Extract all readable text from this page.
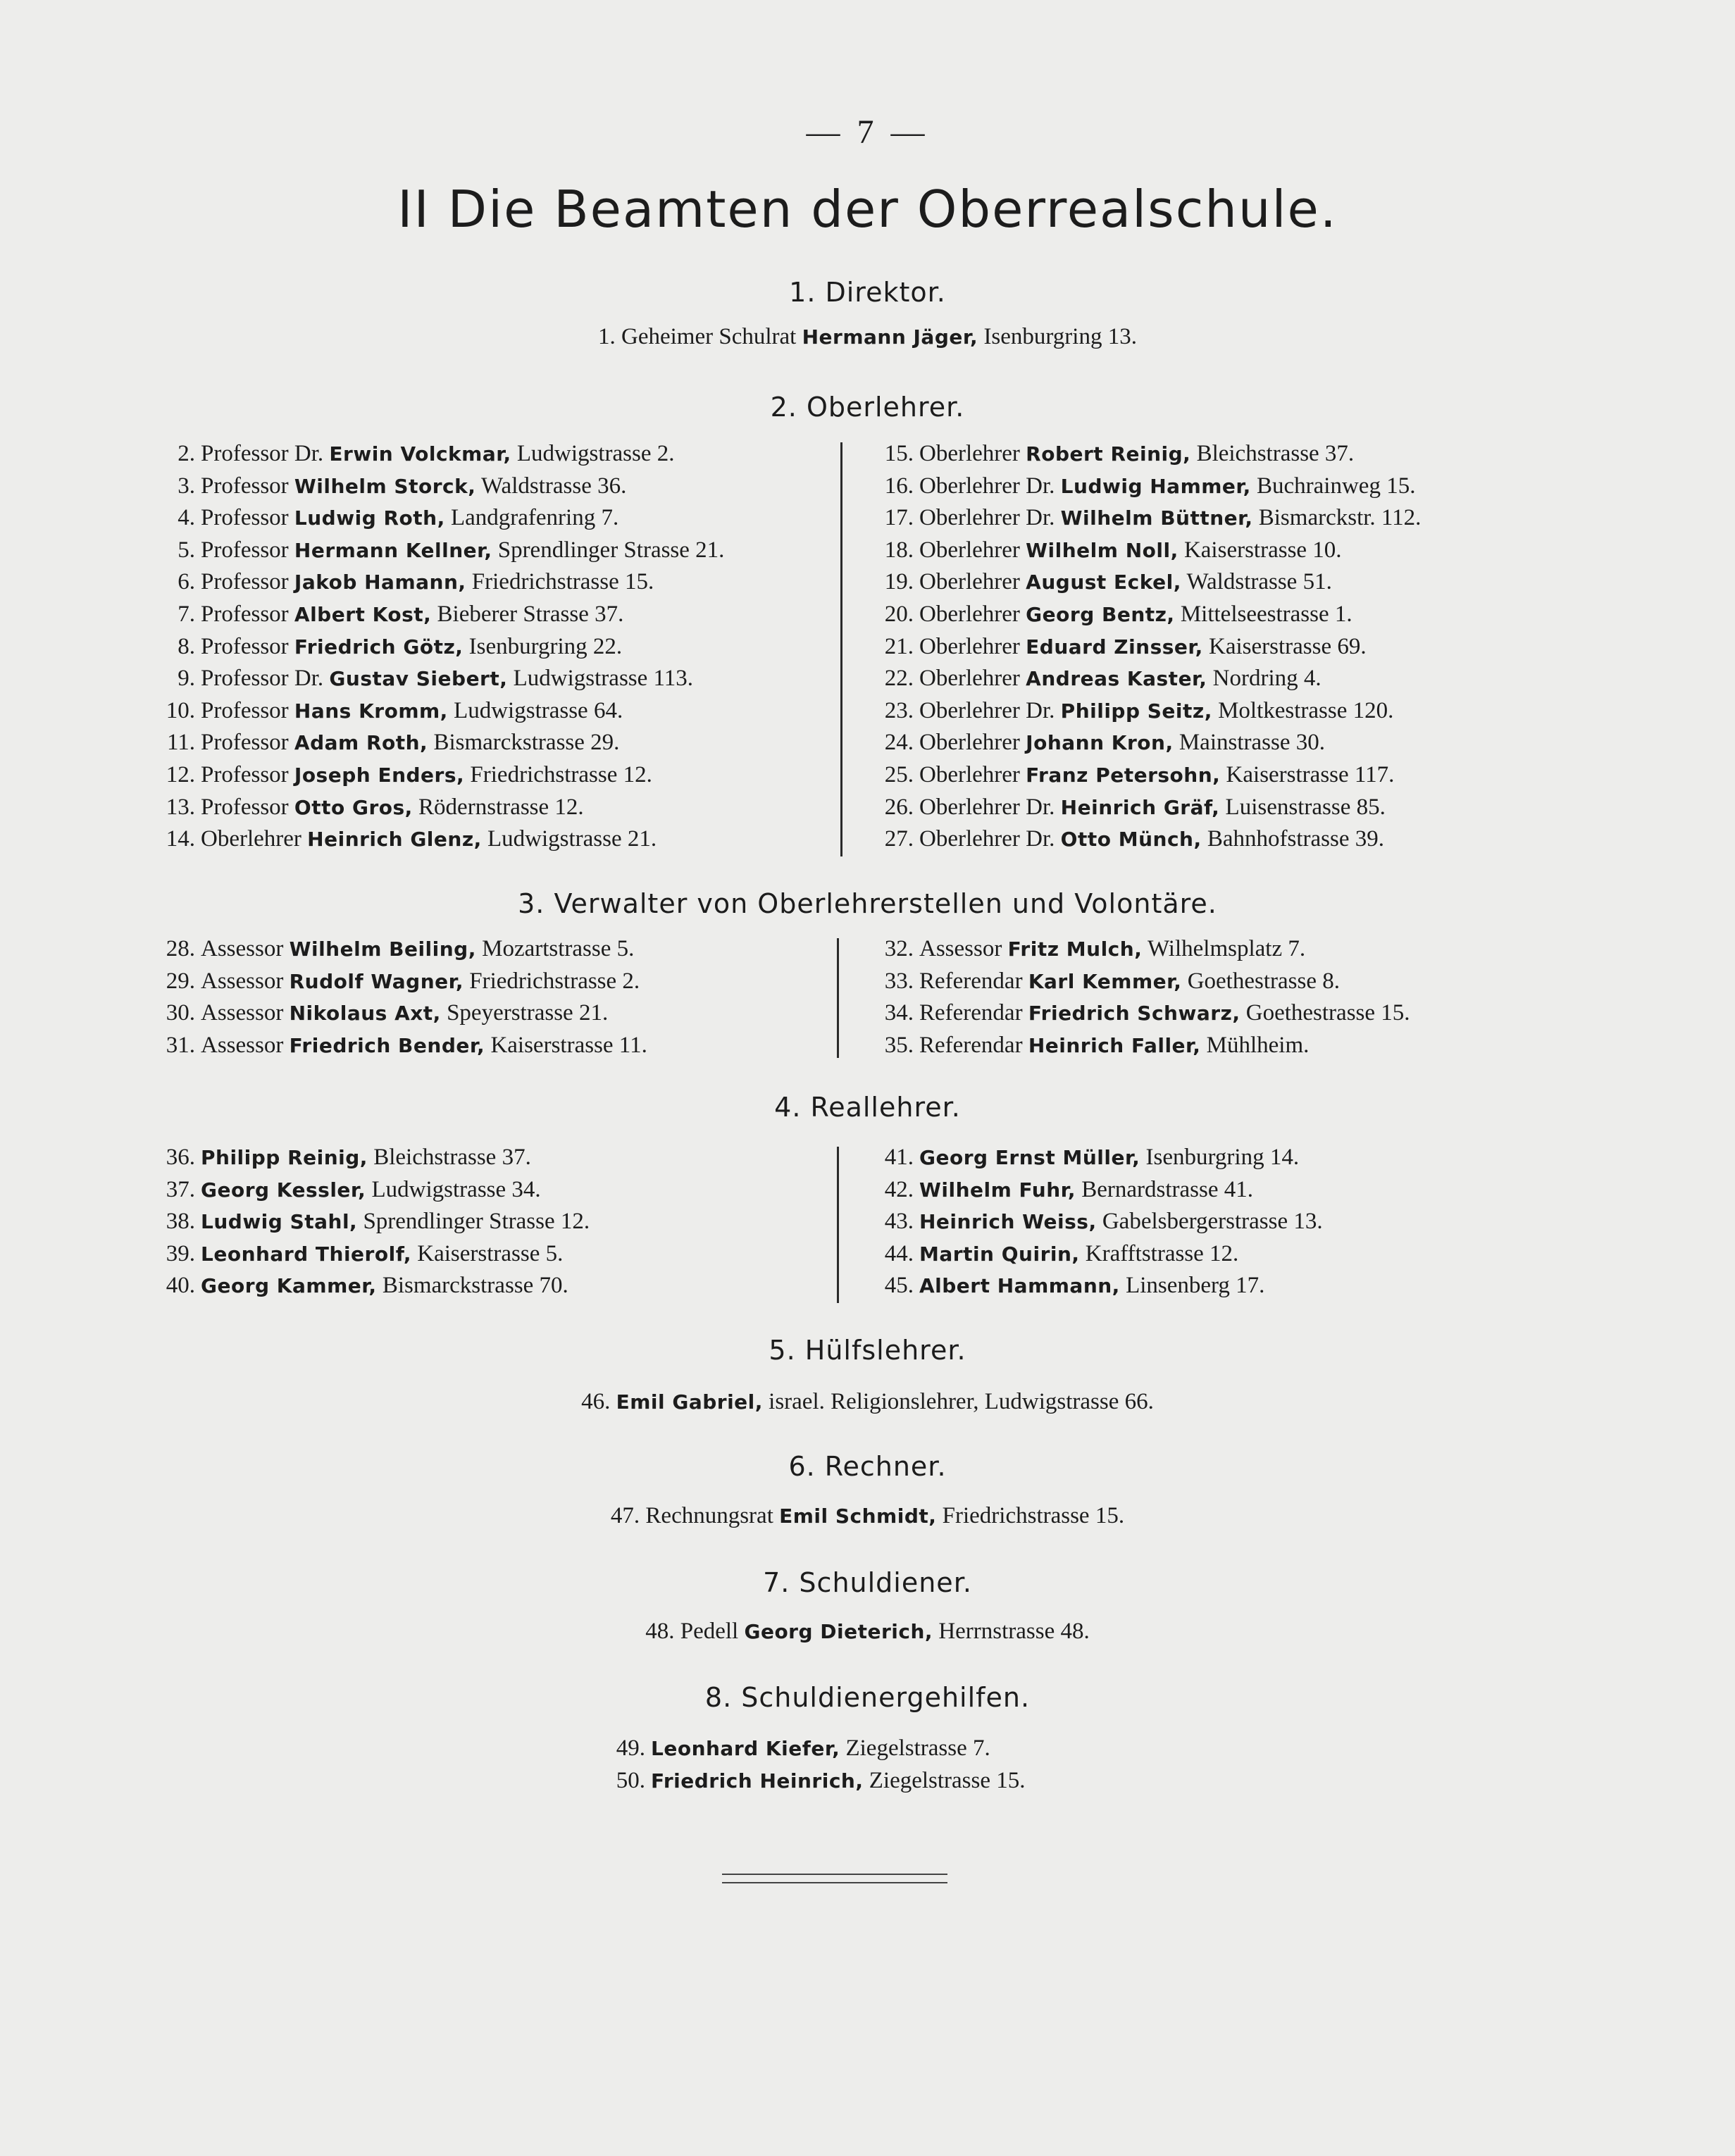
— 7 —
II Die Beamten der Oberrealschule.
1. Direktor.
1. Geheimer Schulrat Hermann Jäger, Isenburgring 13.
2. Oberlehrer.
2. Professor Dr. Erwin Volckmar, Ludwigstrasse 2.
3. Professor Wilhelm Storck, Waldstrasse 36.
4. Professor Ludwig Roth, Landgrafenring 7.
5. Professor Hermann Kellner, Sprendlinger Strasse 21.
6. Professor Jakob Hamann, Friedrichstrasse 15.
7. Professor Albert Kost, Bieberer Strasse 37.
8. Professor Friedrich Götz, Isenburgring 22.
9. Professor Dr. Gustav Siebert, Ludwigstrasse 113.
10. Professor Hans Kromm, Ludwigstrasse 64.
11. Professor Adam Roth, Bismarckstrasse 29.
12. Professor Joseph Enders, Friedrichstrasse 12.
13. Professor Otto Gros, Rödernstrasse 12.
14. Oberlehrer Heinrich Glenz, Ludwigstrasse 21.
15. Oberlehrer Robert Reinig, Bleichstrasse 37.
16. Oberlehrer Dr. Ludwig Hammer, Buchrainweg 15.
17. Oberlehrer Dr. Wilhelm Büttner, Bismarckstr. 112.
18. Oberlehrer Wilhelm Noll, Kaiserstrasse 10.
19. Oberlehrer August Eckel, Waldstrasse 51.
20. Oberlehrer Georg Bentz, Mittelseestrasse 1.
21. Oberlehrer Eduard Zinsser, Kaiserstrasse 69.
22. Oberlehrer Andreas Kaster, Nordring 4.
23. Oberlehrer Dr. Philipp Seitz, Moltkestrasse 120.
24. Oberlehrer Johann Kron, Mainstrasse 30.
25. Oberlehrer Franz Petersohn, Kaiserstrasse 117.
26. Oberlehrer Dr. Heinrich Gräf, Luisenstrasse 85.
27. Oberlehrer Dr. Otto Münch, Bahnhofstrasse 39.
3. Verwalter von Oberlehrerstellen und Volontäre.
28. Assessor Wilhelm Beiling, Mozartstrasse 5.
29. Assessor Rudolf Wagner, Friedrichstrasse 2.
30. Assessor Nikolaus Axt, Speyerstrasse 21.
31. Assessor Friedrich Bender, Kaiserstrasse 11.
32. Assessor Fritz Mulch, Wilhelmsplatz 7.
33. Referendar Karl Kemmer, Goethestrasse 8.
34. Referendar Friedrich Schwarz, Goethestrasse 15.
35. Referendar Heinrich Faller, Mühlheim.
4. Reallehrer.
36. Philipp Reinig, Bleichstrasse 37.
37. Georg Kessler, Ludwigstrasse 34.
38. Ludwig Stahl, Sprendlinger Strasse 12.
39. Leonhard Thierolf, Kaiserstrasse 5.
40. Georg Kammer, Bismarckstrasse 70.
41. Georg Ernst Müller, Isenburgring 14.
42. Wilhelm Fuhr, Bernardstrasse 41.
43. Heinrich Weiss, Gabelsbergerstrasse 13.
44. Martin Quirin, Krafftstrasse 12.
45. Albert Hammann, Linsenberg 17.
5. Hülfslehrer.
46. Emil Gabriel, israel. Religionslehrer, Ludwigstrasse 66.
6. Rechner.
47. Rechnungsrat Emil Schmidt, Friedrichstrasse 15.
7. Schuldiener.
48. Pedell Georg Dieterich, Herrnstrasse 48.
8. Schuldienergehilfen.
49. Leonhard Kiefer, Ziegelstrasse 7.
50. Friedrich Heinrich, Ziegelstrasse 15.
